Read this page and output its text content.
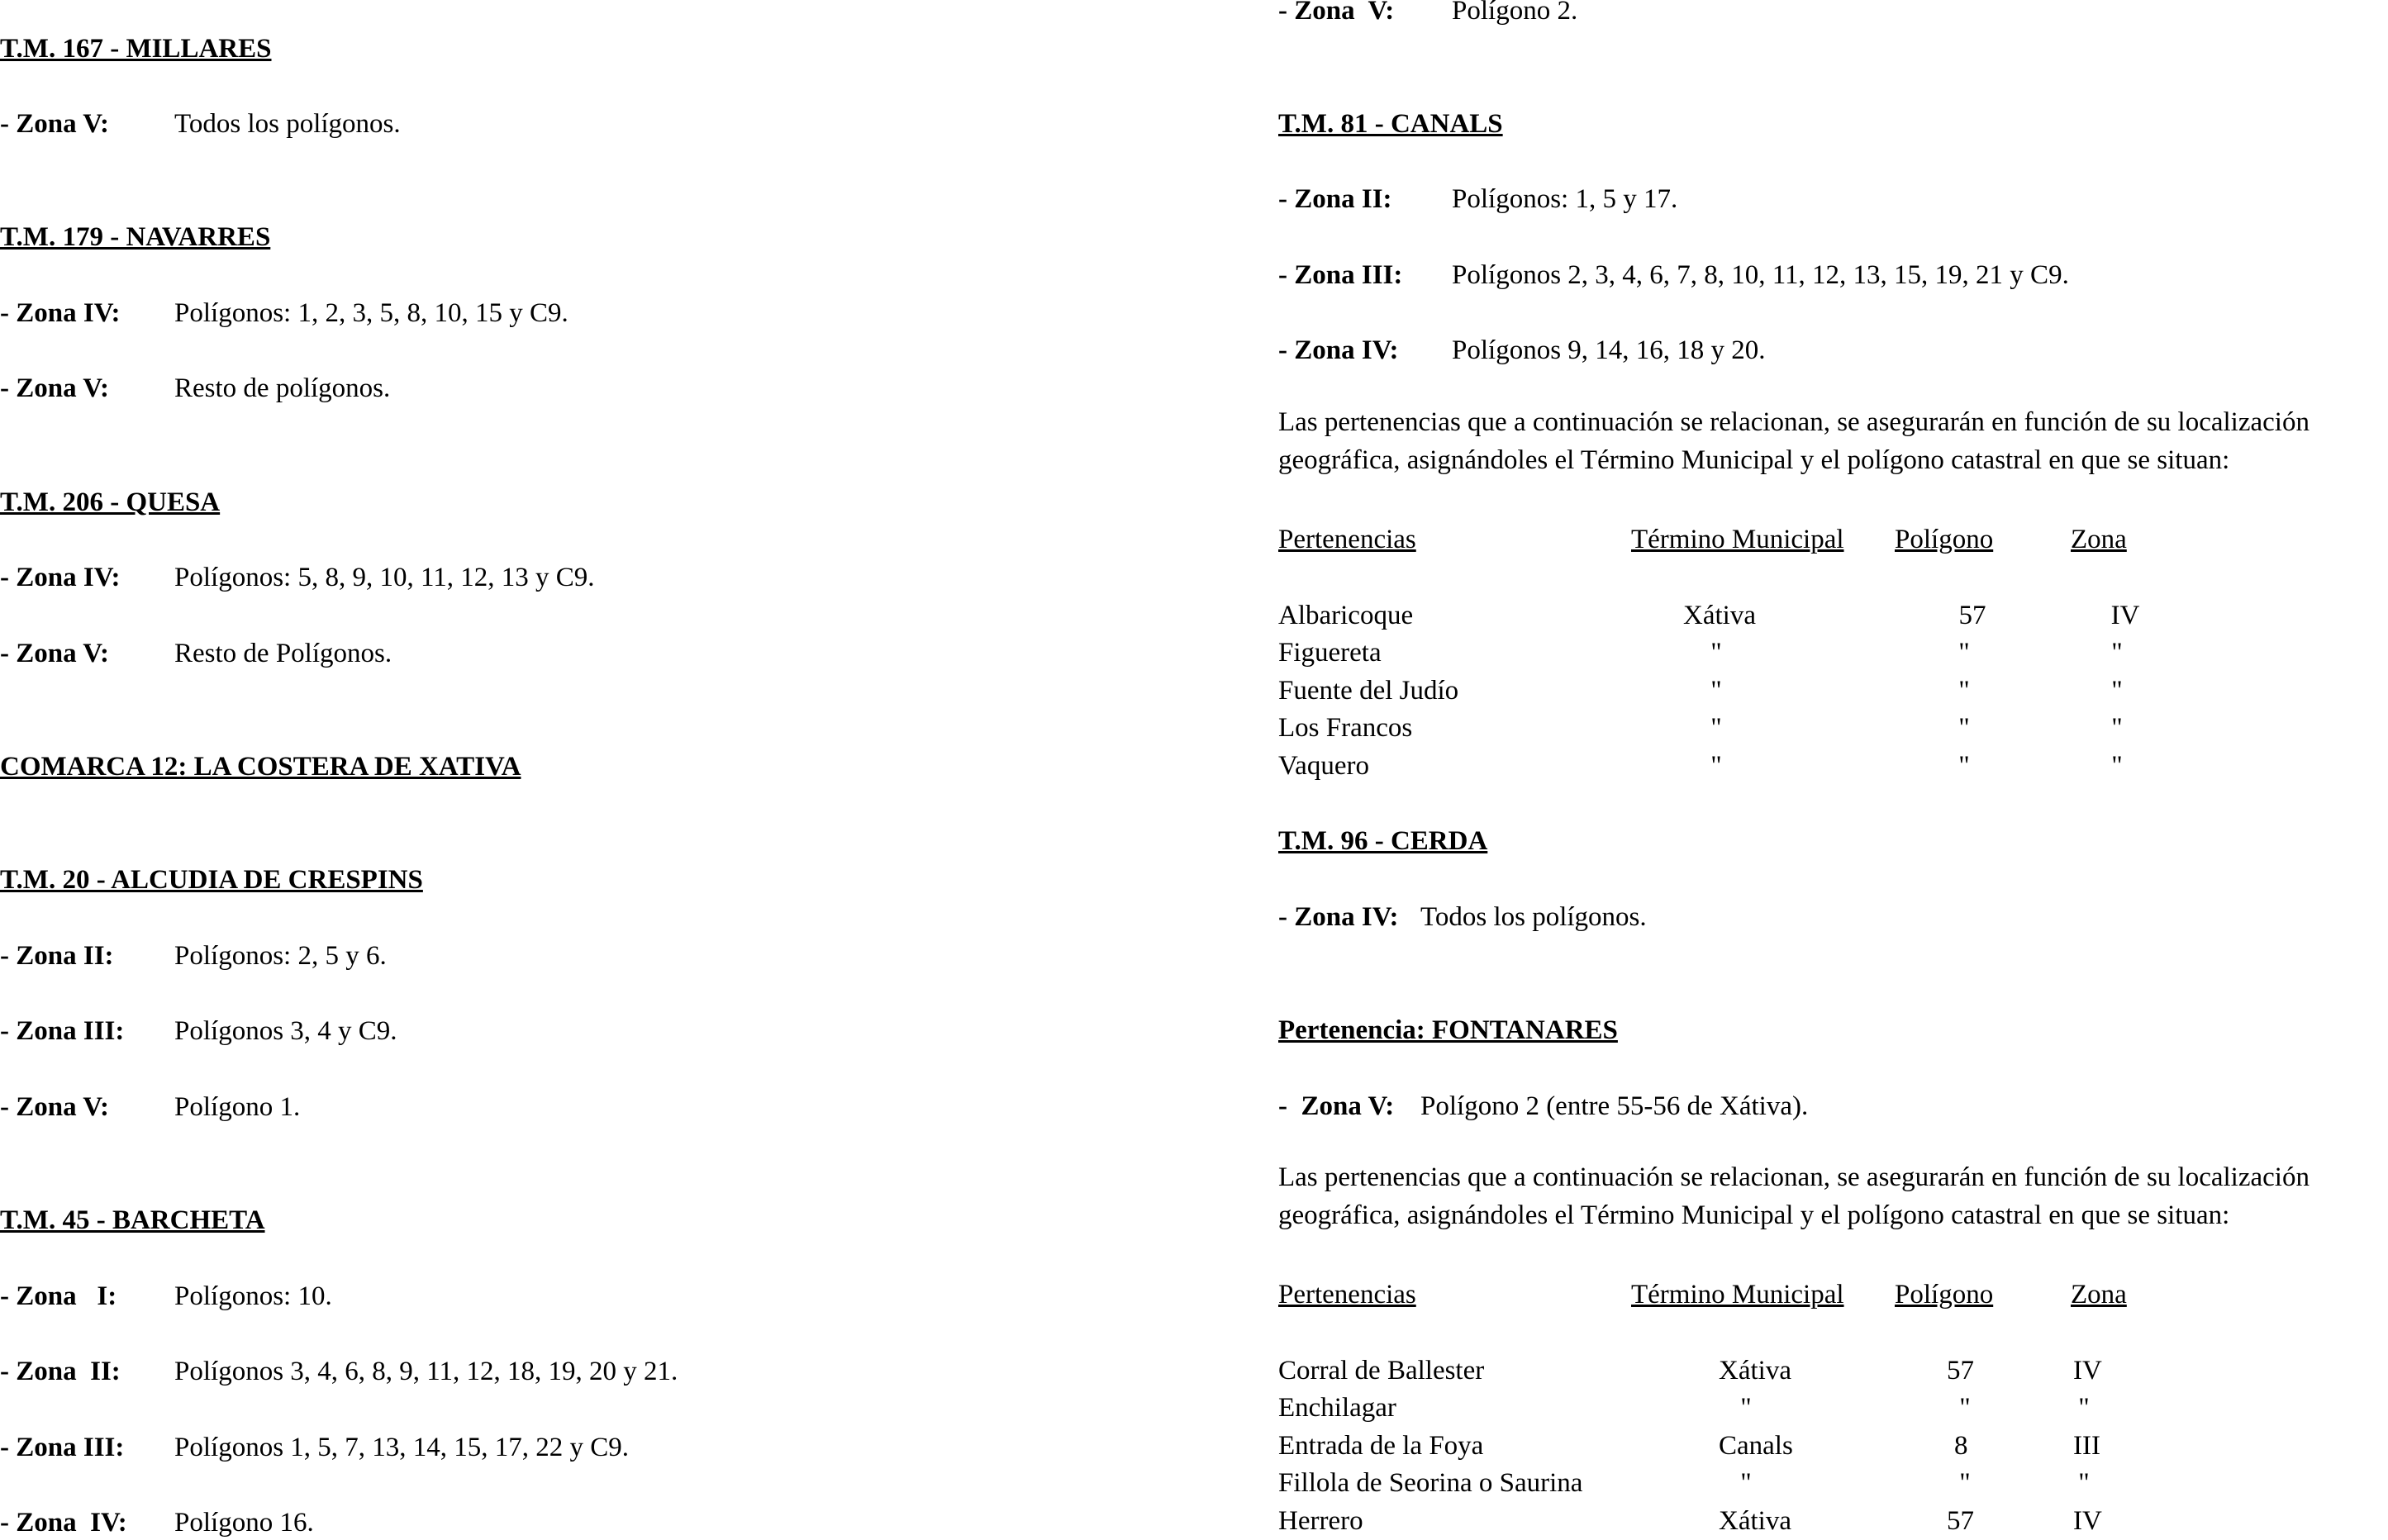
T.M. 167 - MILLARES
- Zona V: Todos los polígonos.
T.M. 179 - NAVARRES
- Zona IV: Polígonos: 1, 2, 3, 5, 8, 10, 15 y C9.
- Zona V: Resto de polígonos.
T.M. 206 - QUESA
- Zona IV: Polígonos: 5, 8, 9, 10, 11, 12, 13 y C9.
- Zona V: Resto de Polígonos.
COMARCA 12: LA COSTERA DE XATIVA
T.M. 20 - ALCUDIA DE CRESPINS
- Zona II: Polígonos: 2, 5 y 6.
- Zona III: Polígonos 3, 4 y C9.
- Zona V: Polígono 1.
T.M. 45 - BARCHETA
- Zona   I: Polígonos: 10.
- Zona  II: Polígonos 3, 4, 6, 8, 9, 11, 12, 18, 19, 20 y 21.
- Zona III: Polígonos 1, 5, 7, 13, 14, 15, 17, 22 y C9.
- Zona  IV: Polígono 16.
- Zona  V: Polígono 2.
T.M. 81 - CANALS
- Zona II: Polígonos: 1, 5 y 17.
- Zona III: Polígonos 2, 3, 4, 6, 7, 8, 10, 11, 12, 13, 15, 19, 21 y C9.
- Zona IV: Polígonos 9, 14, 16, 18 y 20.
Las pertenencias que a continuación se relacionan, se asegurarán en función de su localización
geográfica, asignándoles el Término Municipal y el polígono catastral en que se situan:
Pertenencias	Término Municipal Polígono	Zona
Albaricoque	Xátiva	57	IV
Figuereta	"	"	"
Fuente del Judío	"	"	"
Los Francos	"	"	"
Vaquero	"	"	"
T.M. 96 - CERDA
- Zona IV: Todos los polígonos.
Pertenencia: FONTANARES
-  Zona V: Polígono 2 (entre 55-56 de Xátiva).
Las pertenencias que a continuación se relacionan, se asegurarán en función de su localización
geográfica, asignándoles el Término Municipal y el polígono catastral en que se situan:
Pertenencias	Término Municipal Polígono	Zona
Corral de Ballester	Xátiva	57	IV
Enchilagar	"	"	"
Entrada de la Foya	Canals	8	III
Fillola de Seorina o Saurina	"	"	"
Herrero	Xátiva	57	IV
